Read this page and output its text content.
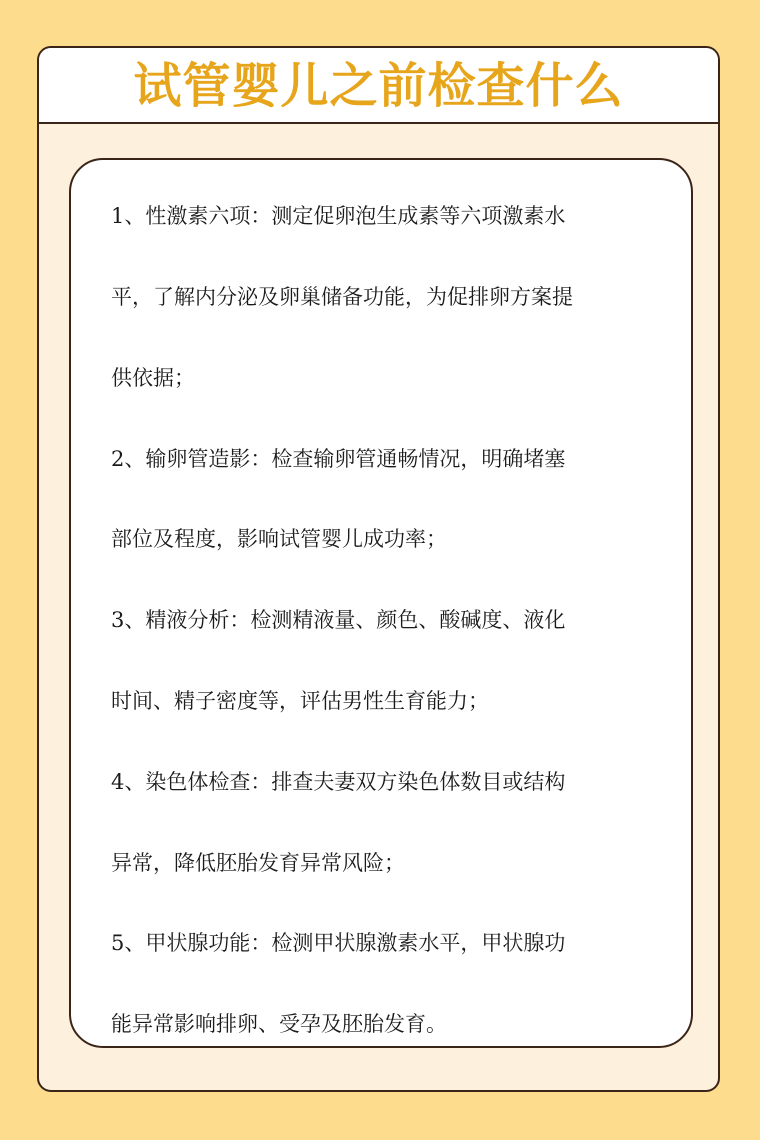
试管婴儿之前检查什么
1、性激素六项：测定促卵泡生成素等六项激素水
平，了解内分泌及卵巢储备功能，为促排卵方案提
供依据；
2、输卵管造影：检查输卵管通畅情况，明确堵塞
部位及程度，影响试管婴儿成功率；
3、精液分析：检测精液量、颜色、酸碱度、液化
时间、精子密度等，评估男性生育能力；
4、染色体检查：排查夫妻双方染色体数目或结构
异常，降低胚胎发育异常风险；
5、甲状腺功能：检测甲状腺激素水平，甲状腺功
能异常影响排卵、受孕及胚胎发育。
